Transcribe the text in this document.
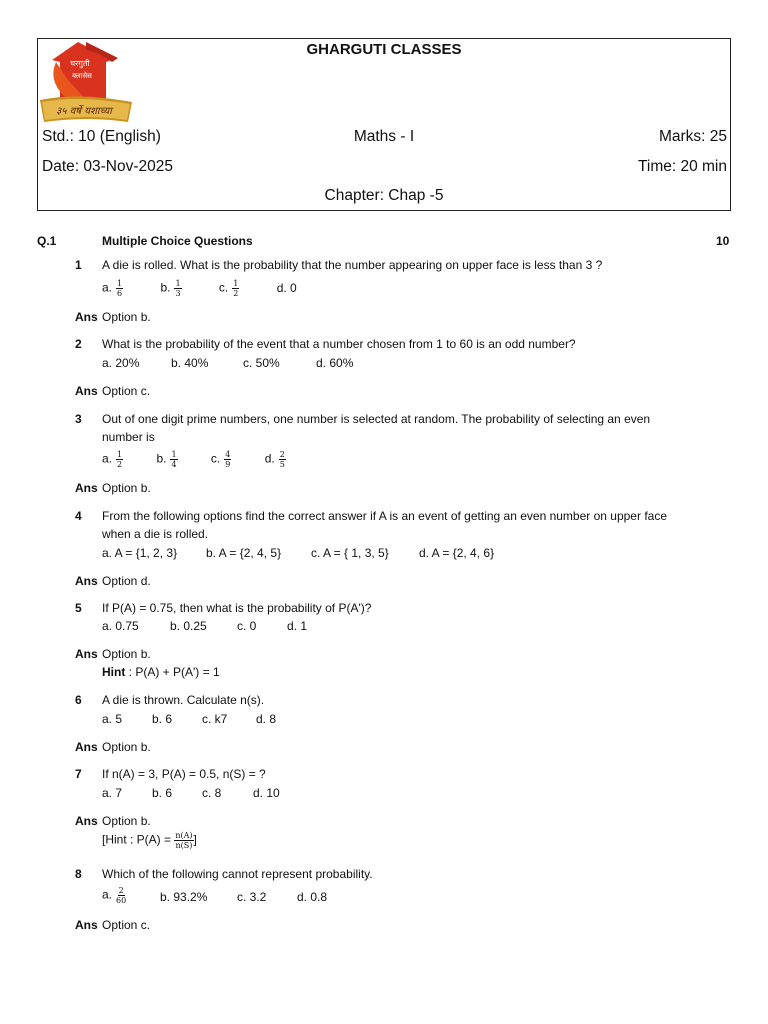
घरगुती
क्लासेस
३५ वर्षे यशाच्या
GHARGUTI CLASSES
Std.: 10 (English)	Maths - I	Marks: 25
Date: 03-Nov-2025	Time: 20 min
Chapter: Chap -5
Q.1	Multiple Choice Questions	10
1 A die is rolled. What is the probability that the number appearing on upper face is less than 3 ?
a. $\frac{1}{6}$	b. $\frac{1}{3}$	c. $\frac{1}{2}$	d. 0
Ans Option b.
2 What is the probability of the event that a number chosen from 1 to 60 is an odd number?
a. 20%	b. 40%	c. 50%	d. 60%
Ans Option c.
3 Out of one digit prime numbers, one number is selected at random. The probability of selecting an even
number is
a. $\frac{1}{2}$	b. $\frac{1}{4}$	c. $\frac{4}{9}$	d. $\frac{2}{5}$
Ans Option b.
4 From the following options find the correct answer if A is an event of getting an even number on upper face
when a die is rolled.
a. A = {1, 2, 3} b. A = {2, 4, 5} c. A = { 1, 3, 5}	d. A = {2, 4, 6}
Ans Option d.
5 If P(A) = 0.75, then what is the probability of P(A')?
a. 0.75	b. 0.25	c. 0	d. 1
Ans Option b.
Hint : P(A) + P(A') = 1
6 A die is thrown. Calculate n(s).
a. 5 b. 6 c. k7 d. 8
Ans Option b.
7 If n(A) = 3, P(A) = 0.5, n(S) = ?
a. 7 b. 6 c. 8	d. 10
Ans Option b.
[Hint : $P(A) = \frac{n(A)}{n(S)}$ ]
8 Which of the following cannot represent probability.
a. $\frac{2}{60}$	b. 93.2% c. 3.2	d. 0.8
Ans Option c.
